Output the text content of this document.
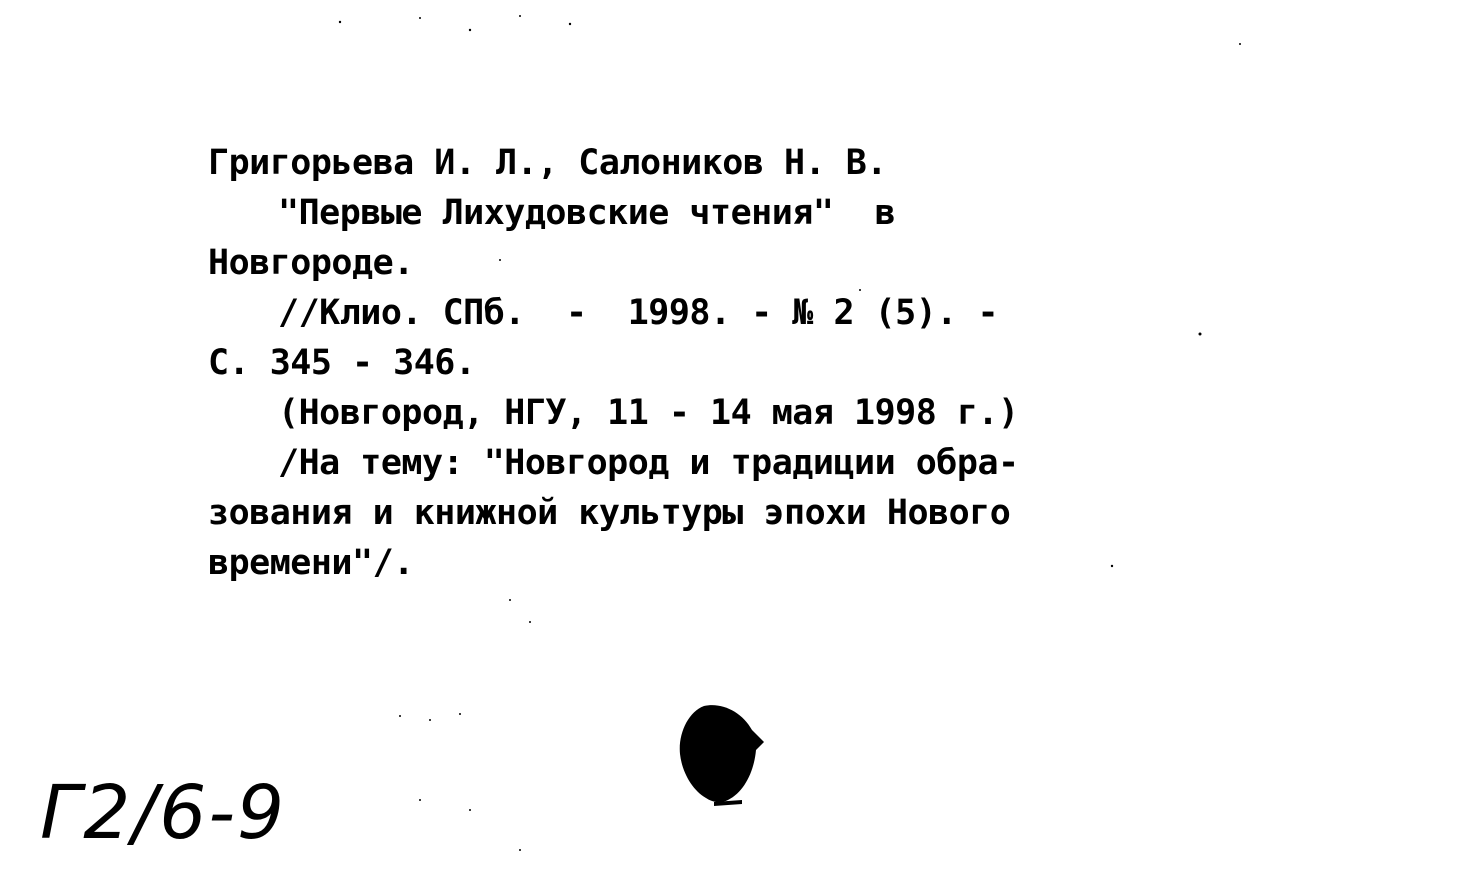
Григорьева И. Л., Салоников Н. В.
"Первые Лихудовские чтения"  в
Новгороде.
//Клио. СПб.  -  1998. - № 2 (5). -
С. 345 - 346.
(Новгород, НГУ, 11 - 14 мая 1998 г.)
/На тему: "Новгород и традиции обра-
зования и книжной культуры эпохи Нового
времени"/.
Г2/6-9
